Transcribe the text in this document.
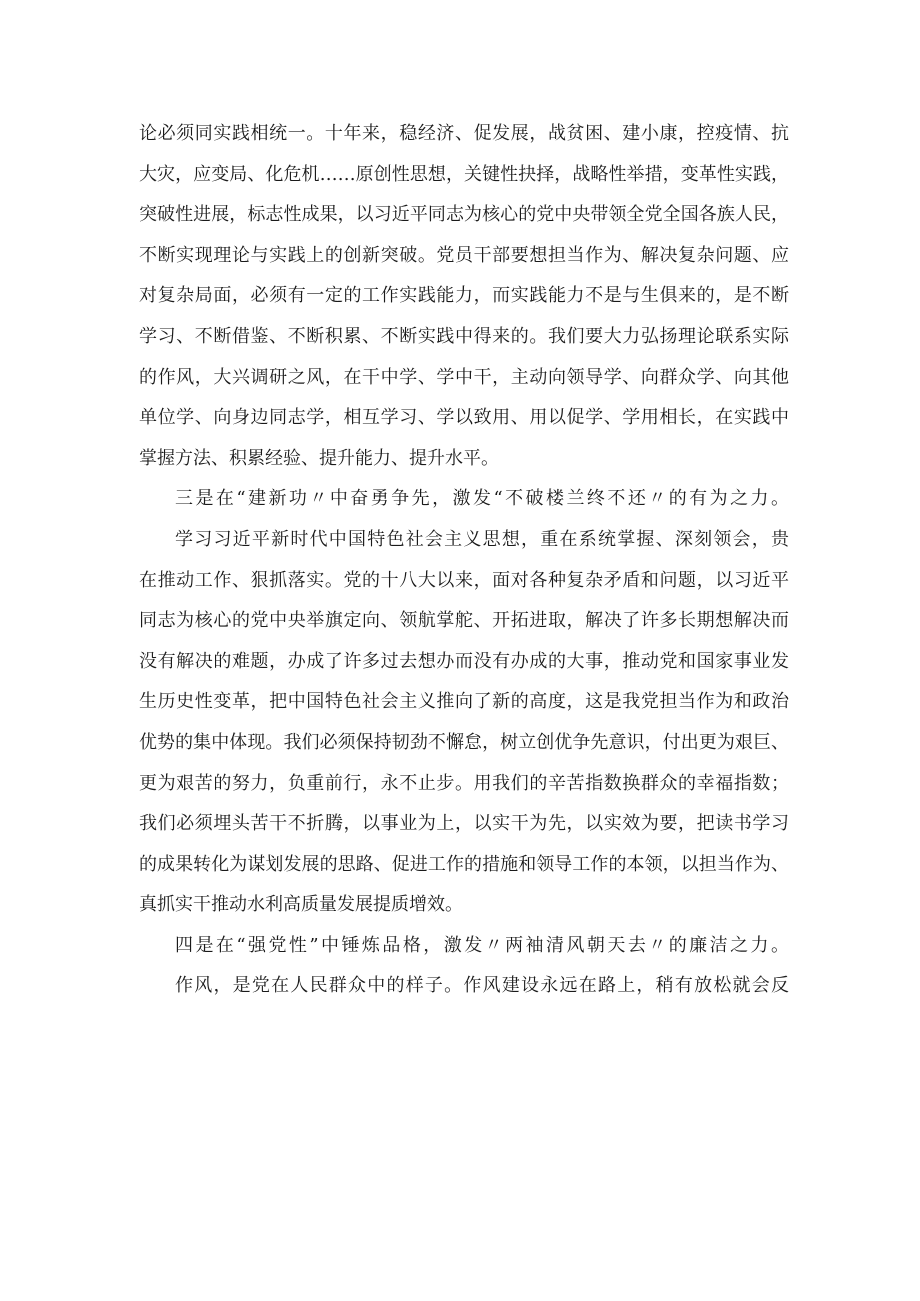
论必须同实践相统一。十年来，稳经济、促发展，战贫困、建小康，控疫情、抗
大灾，应变局、化危机……原创性思想，关键性抉择，战略性举措，变革性实践，
突破性进展，标志性成果，以习近平同志为核心的党中央带领全党全国各族人民，
不断实现理论与实践上的创新突破。党员干部要想担当作为、解决复杂问题、应
对复杂局面，必须有一定的工作实践能力，而实践能力不是与生俱来的，是不断
学习、不断借鉴、不断积累、不断实践中得来的。我们要大力弘扬理论联系实际
的作风，大兴调研之风，在干中学、学中干，主动向领导学、向群众学、向其他
单位学、向身边同志学，相互学习、学以致用、用以促学、学用相长，在实践中
掌握方法、积累经验、提升能力、提升水平。
三是在“建新功〃中奋勇争先，激发“不破楼兰终不还〃的有为之力。
学习习近平新时代中国特色社会主义思想，重在系统掌握、深刻领会，贵
在推动工作、狠抓落实。党的十八大以来，面对各种复杂矛盾和问题，以习近平
同志为核心的党中央举旗定向、领航掌舵、开拓进取，解决了许多长期想解决而
没有解决的难题，办成了许多过去想办而没有办成的大事，推动党和国家事业发
生历史性变革，把中国特色社会主义推向了新的高度，这是我党担当作为和政治
优势的集中体现。我们必须保持韧劲不懈怠，树立创优争先意识，付出更为艰巨、
更为艰苦的努力，负重前行，永不止步。用我们的辛苦指数换群众的幸福指数；
我们必须埋头苦干不折腾，以事业为上，以实干为先，以实效为要，把读书学习
的成果转化为谋划发展的思路、促进工作的措施和领导工作的本领，以担当作为、
真抓实干推动水利高质量发展提质增效。
四是在“强党性”中锤炼品格，激发〃两袖清风朝天去〃的廉洁之力。
作风，是党在人民群众中的样子。作风建设永远在路上，稍有放松就会反
